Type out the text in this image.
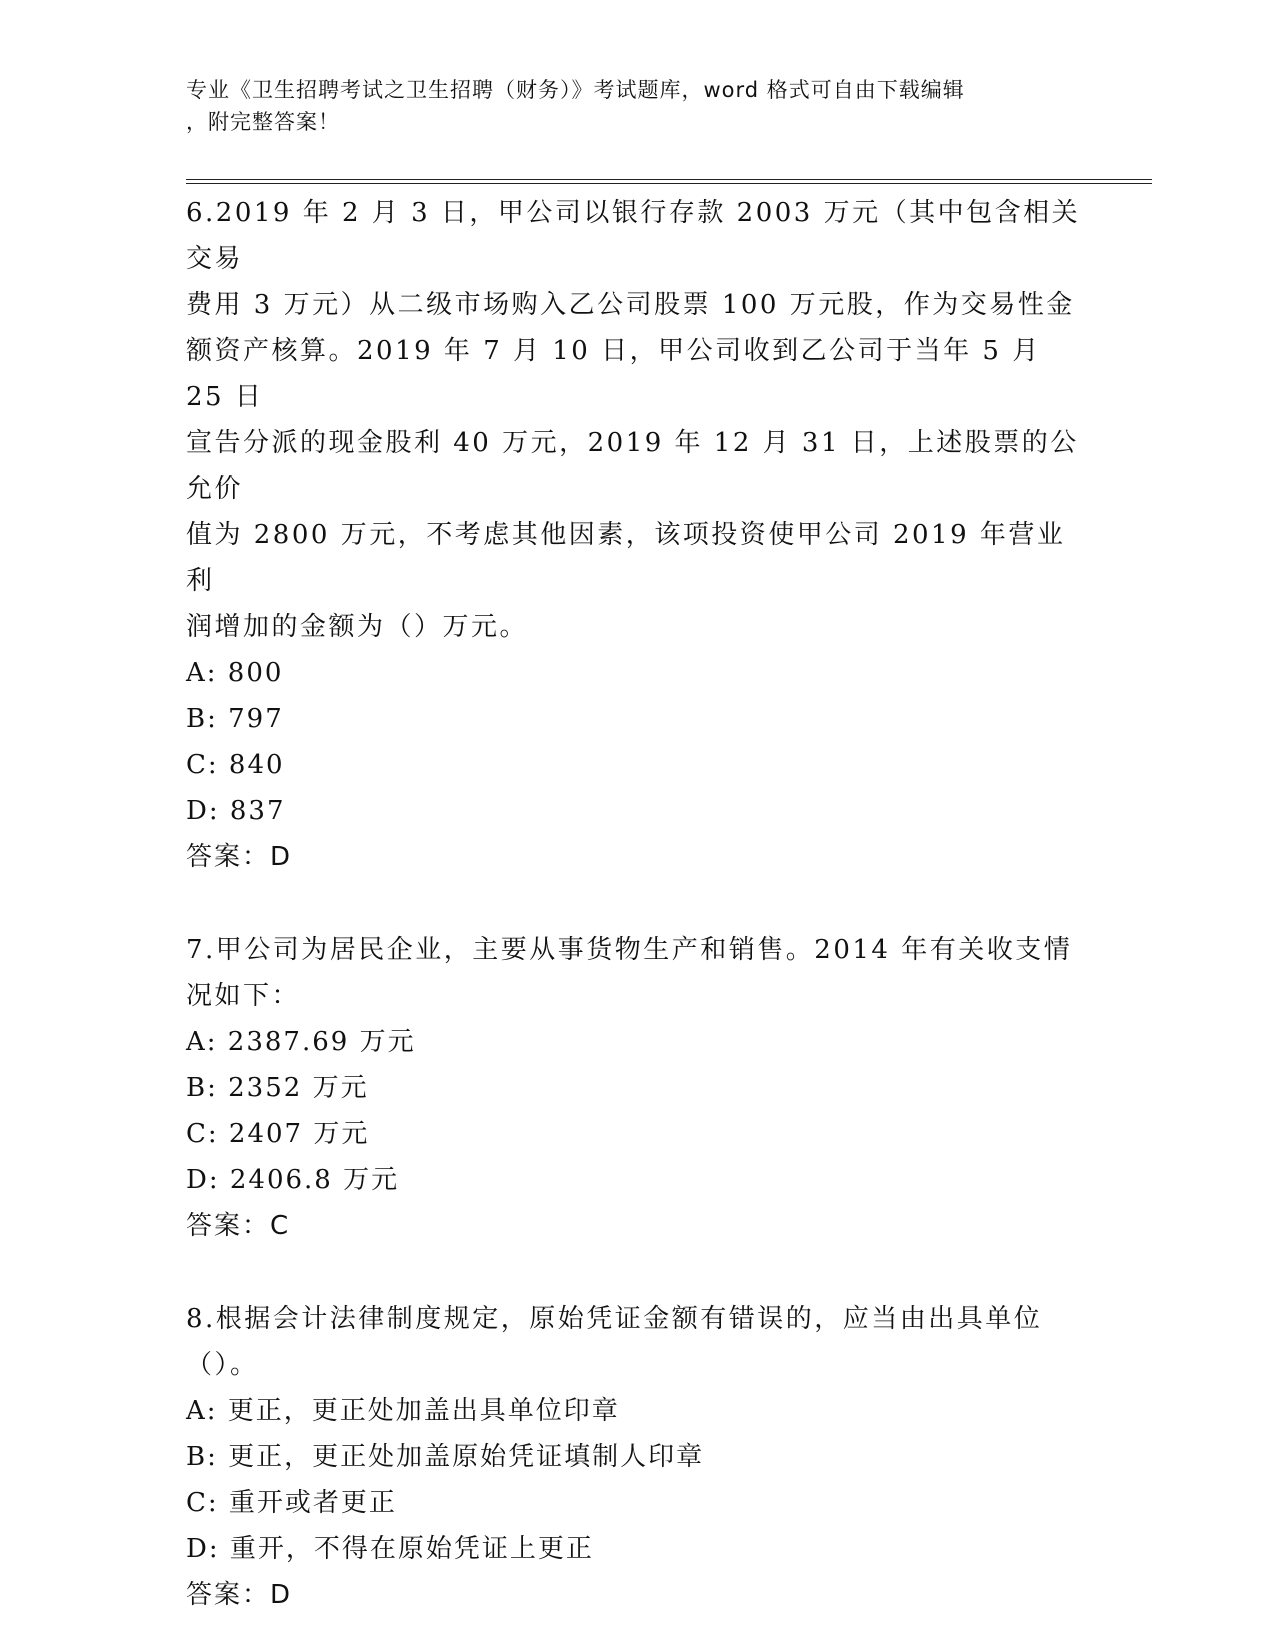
专业《卫生招聘考试之卫生招聘（财务）》考试题库，word 格式可自由下载编辑
，附完整答案！

6.2019 年 2 月 3 日，甲公司以银行存款 2003 万元（其中包含相关交易

费用 3 万元）从二级市场购入乙公司股票 100 万元股，作为交易性金

额资产核算。2019 年 7 月 10 日，甲公司收到乙公司于当年 5 月 25 日

宣告分派的现金股利 40 万元，2019 年 12 月 31 日，上述股票的公允价

值为 2800 万元，不考虑其他因素，该项投资使甲公司 2019 年营业利

润增加的金额为（）万元。

A: 800

B: 797

C: 840

D: 837

答案：D

7.甲公司为居民企业，主要从事货物生产和销售。2014 年有关收支情

况如下：

A: 2387.69 万元

B: 2352 万元

C: 2407 万元

D: 2406.8 万元

答案：C

8.根据会计法律制度规定，原始凭证金额有错误的，应当由出具单位

（）。

A: 更正，更正处加盖出具单位印章

B: 更正，更正处加盖原始凭证填制人印章

C: 重开或者更正

D: 重开，不得在原始凭证上更正

答案：D
